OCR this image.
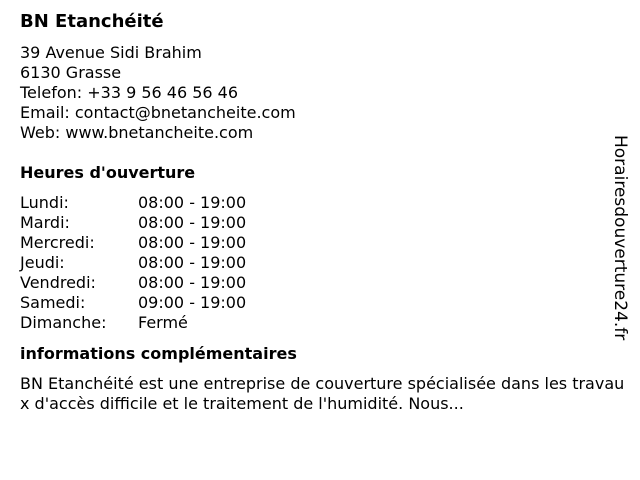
BN Etanchéité
39 Avenue Sidi Brahim
6130 Grasse
Telefon: +33 9 56 46 56 46
Email: contact@bnetancheite.com
Web: www.bnetancheite.com
Heures d'ouverture
Lundi:	08:00 - 19:00
Mardi:	08:00 - 19:00
Mercredi:	08:00 - 19:00
Jeudi:	08:00 - 19:00
Vendredi:	08:00 - 19:00
Samedi:	09:00 - 19:00
Dimanche:	Fermé
informations complémentaires
BN Etanchéité est une entreprise de couverture spécialisée dans les travaux d'accès difficile et le traitement de l'humidité. Nous...
Horairesdouverture24.fr
